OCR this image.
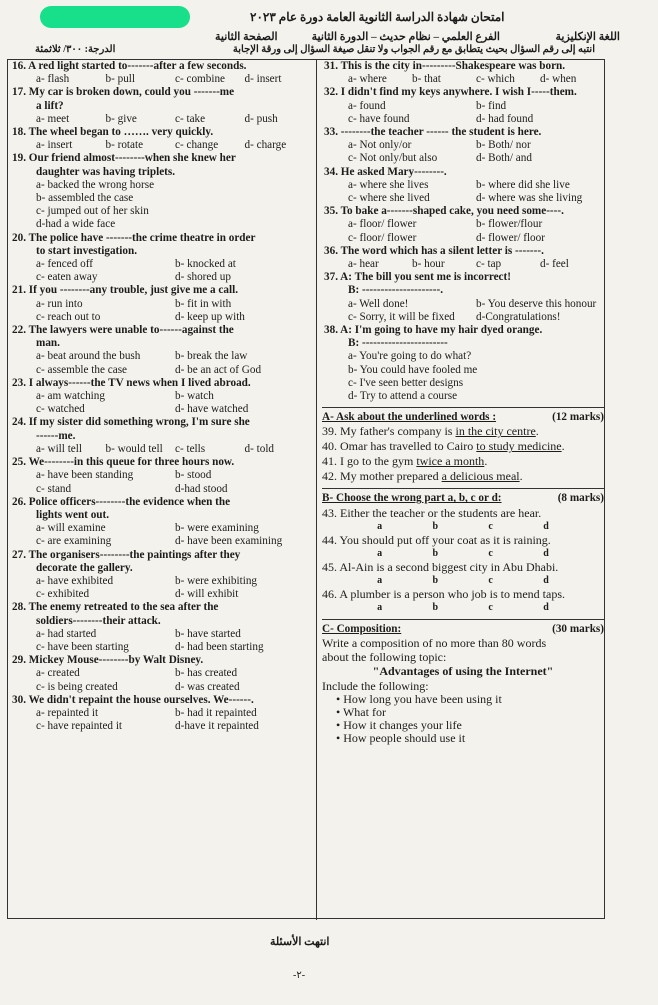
امتحان شهادة الدراسة الثانوية العامة دورة عام ٢٠٢٣
اللغة الإنكليزية
الفرع العلمي – نظام حديث – الدورة الثانية
الصفحة الثانية
الدرجة: ٣٠٠/ ثلاثمئة	انتبه إلى رقم السؤال بحيث يتطابق مع رقم الجواب ولا تنقل صيغة السؤال إلى ورقة الإجابة
16. A red light started to-------after a few seconds.
a- flash	b- pull	c- combine	d- insert
17. My car is broken down, could you -------me
a lift?
a- meet	b- give	c- take	d- push
18. The wheel began to ……. very quickly.
a- insert	b- rotate	c- change	d- charge
19. Our friend almost--------when she knew her
daughter was having triplets.
a- backed the wrong horse
b- assembled the case
c- jumped out of her skin
d-had a wide face
20. The police have -------the crime theatre in order
to start investigation.
a- fenced off	b- knocked at
c- eaten away	d- shored up
21. If you --------any trouble, just give me a call.
a- run into	b- fit in with
c- reach out to	d- keep up with
22. The lawyers were unable to------against the
man.
a- beat around the bush	b- break the law
c- assemble the case	d- be an act of God
23. I always------the TV news when I lived abroad.
a- am watching	b- watch
c- watched	d- have watched
24. If my sister did something wrong, I'm sure she
------me.
a- will tell	b- would tell	c- tells	d- told
25. We--------in this queue for three hours now.
a- have been standing	b- stood
c- stand	d-had stood
26. Police officers--------the evidence when the
lights went out.
a- will examine	b- were examining
c- are examining	d- have been examining
27. The organisers--------the paintings after they
decorate the gallery.
a- have exhibited	b- were exhibiting
c- exhibited	d- will exhibit
28. The enemy retreated to the sea after the
soldiers--------their attack.
a- had started	b- have started
c- have been starting	d- had been starting
29. Mickey Mouse--------by Walt Disney.
a- created	b- has created
c- is being created	d- was created
30. We didn't repaint the house ourselves. We------.
a- repainted it	b- had it repainted
c- have repainted it	d-have it repainted
31. This is the city in---------Shakespeare was born.
a- where	b- that	c- which	d- when
32. I didn't find my keys anywhere. I wish I-----them.
a- found	b- find
c- have found	d- had found
33. --------the teacher ------ the student is here.
a- Not only/or	b- Both/ nor
c- Not only/but also	d- Both/ and
34. He asked Mary--------.
a- where she lives	b- where did she live
c- where she lived	d- where was she living
35. To bake a-------shaped cake, you need some----.
a- floor/ flower	b- flower/flour
c- floor/ flower	d- flower/ floor
36. The word which has a silent letter is -------.
a- hear	b- hour	c- tap	d- feel
37. A: The bill you sent me is incorrect!
B: ---------------------.
a- Well done!	b- You deserve this honour
c- Sorry, it will be fixed	d-Congratulations!
38. A: I'm going to have my hair dyed orange.
B: -----------------------
a- You're going to do what?
b- You could have fooled me
c- I've seen better designs
d- Try to attend a course
A- Ask about the underlined words :	(12 marks)
39. My father's company is in the city centre.
40. Omar has travelled to Cairo to study medicine.
41. I go to the gym twice a month.
42. My mother prepared a delicious meal.
B- Choose the wrong part a, b, c or d:	(8 marks)
43. Either the teacher or the students are hear.
a	b	c	d
44. You should put off your coat as it is raining.
a	b	c	d
45. Al-Ain is a second biggest city in Abu Dhabi.
a	b	c	d
46. A plumber is a person who job is to mend taps.
a	b	c	d
C- Composition:	(30 marks)
Write a composition of no more than 80 words
about the following topic:
"Advantages of using the Internet"
Include the following:
• How long you have been using it
• What for
• How it changes your life
• How people should use it
انتهت الأسئلة
-٢-
